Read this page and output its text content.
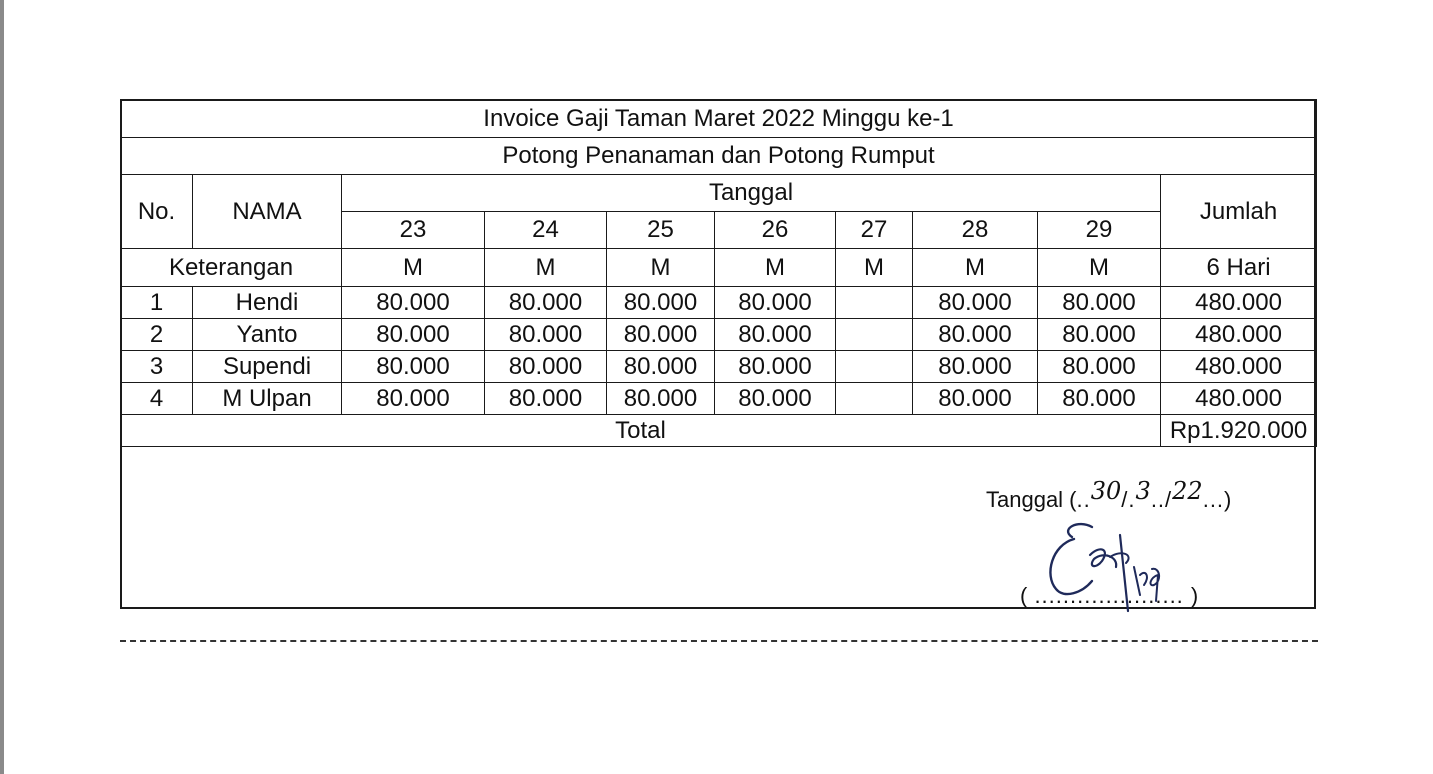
Invoice Gaji Taman Maret 2022 Minggu ke-1									
Potong Penanaman dan Potong Rumput									
No.	NAMA	Tanggal							Jumlah
		23	24	25	26	27	28	29	
Keterangan		M	M	M	M	M	M	M	6 Hari
1	Hendi	80.000	80.000	80.000	80.000		80.000	80.000	480.000
2	Yanto	80.000	80.000	80.000	80.000		80.000	80.000	480.000
3	Supendi	80.000	80.000	80.000	80.000		80.000	80.000	480.000
4	M Ulpan	80.000	80.000	80.000	80.000		80.000	80.000	480.000
Total									Rp1.920.000
Tanggal (..30/.3../22...)
Erfiq
( ..................... )
